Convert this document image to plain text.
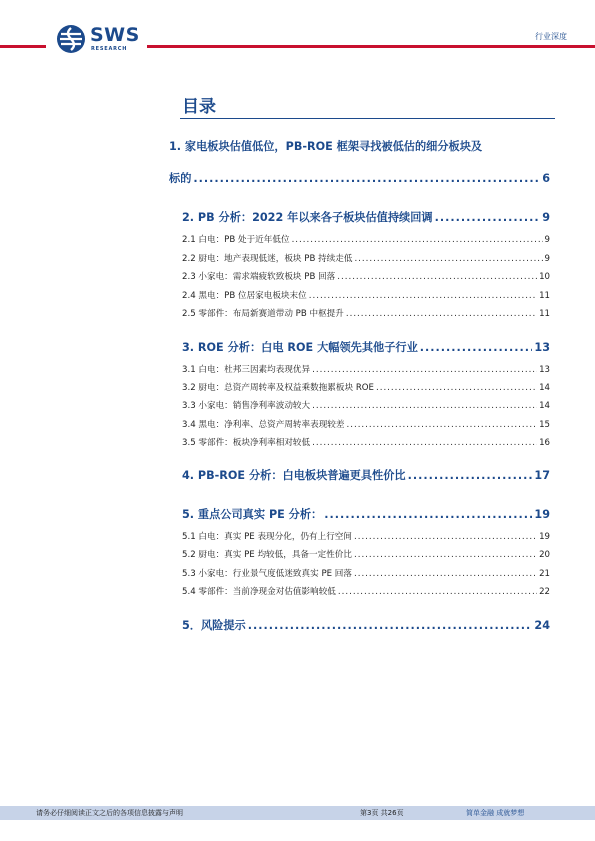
SWS
RESEARCH
行业深度
目录
1. 家电板块估值低位，PB-ROE 框架寻找被低估的细分板块及
标的 .....	6
2. PB 分析：2022 年以来各子板块估值持续回调 .....	9
2.1 白电：PB 处于近年低位 .....	9
2.2 厨电：地产表现低迷，板块 PB 持续走低 .....	9
2.3 小家电：需求端疲软致板块 PB 回落 .....	10
2.4 黑电：PB 位居家电板块末位 .....	11
2.5 零部件：布局新赛道带动 PB 中枢提升 .....	11
3. ROE 分析：白电 ROE 大幅领先其他子行业 .....	13
3.1 白电：杜邦三因素均表现优异 .....	13
3.2 厨电：总资产周转率及权益乘数拖累板块 ROE .....	14
3.3 小家电：销售净利率波动较大 .....	14
3.4 黑电：净利率、总资产周转率表现较差 .....	15
3.5 零部件：板块净利率相对较低 .....	16
4. PB-ROE 分析：白电板块普遍更具性价比 .....	17
5. 重点公司真实 PE 分析： .....	19
5.1 白电：真实 PE 表现分化，仍有上行空间 .....	19
5.2 厨电：真实 PE 均较低，具备一定性价比 .....	20
5.3 小家电：行业景气度低迷致真实 PE 回落 .....	21
5.4 零部件：当前净现金对估值影响较低 .....	22
5．风险提示 .....	24
请务必仔细阅读正文之后的各项信息披露与声明	第3页 共26页	简单金融 成就梦想
